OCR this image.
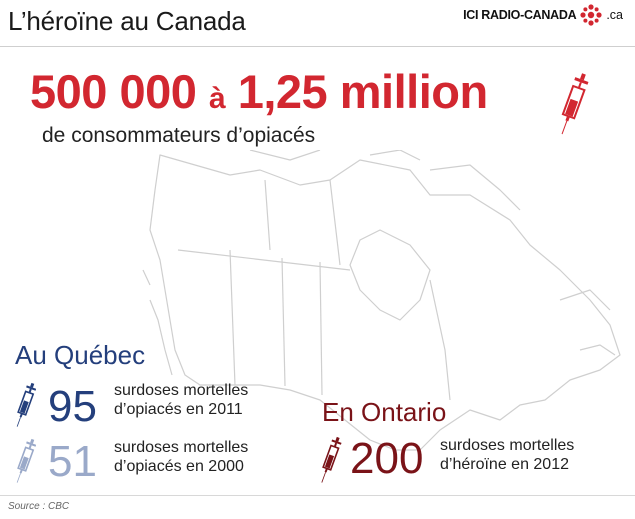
L’héroïne au Canada	ICI RADIO-CANADA .ca
500 000 à 1,25 million
de consommateurs d’opiacés
Au Québec
95 surdoses mortelles
d’opiacés en 2011
51 surdoses mortelles
d’opiacés en 2000
En Ontario
200 surdoses mortelles
d’héroïne en 2012
Source : CBC
